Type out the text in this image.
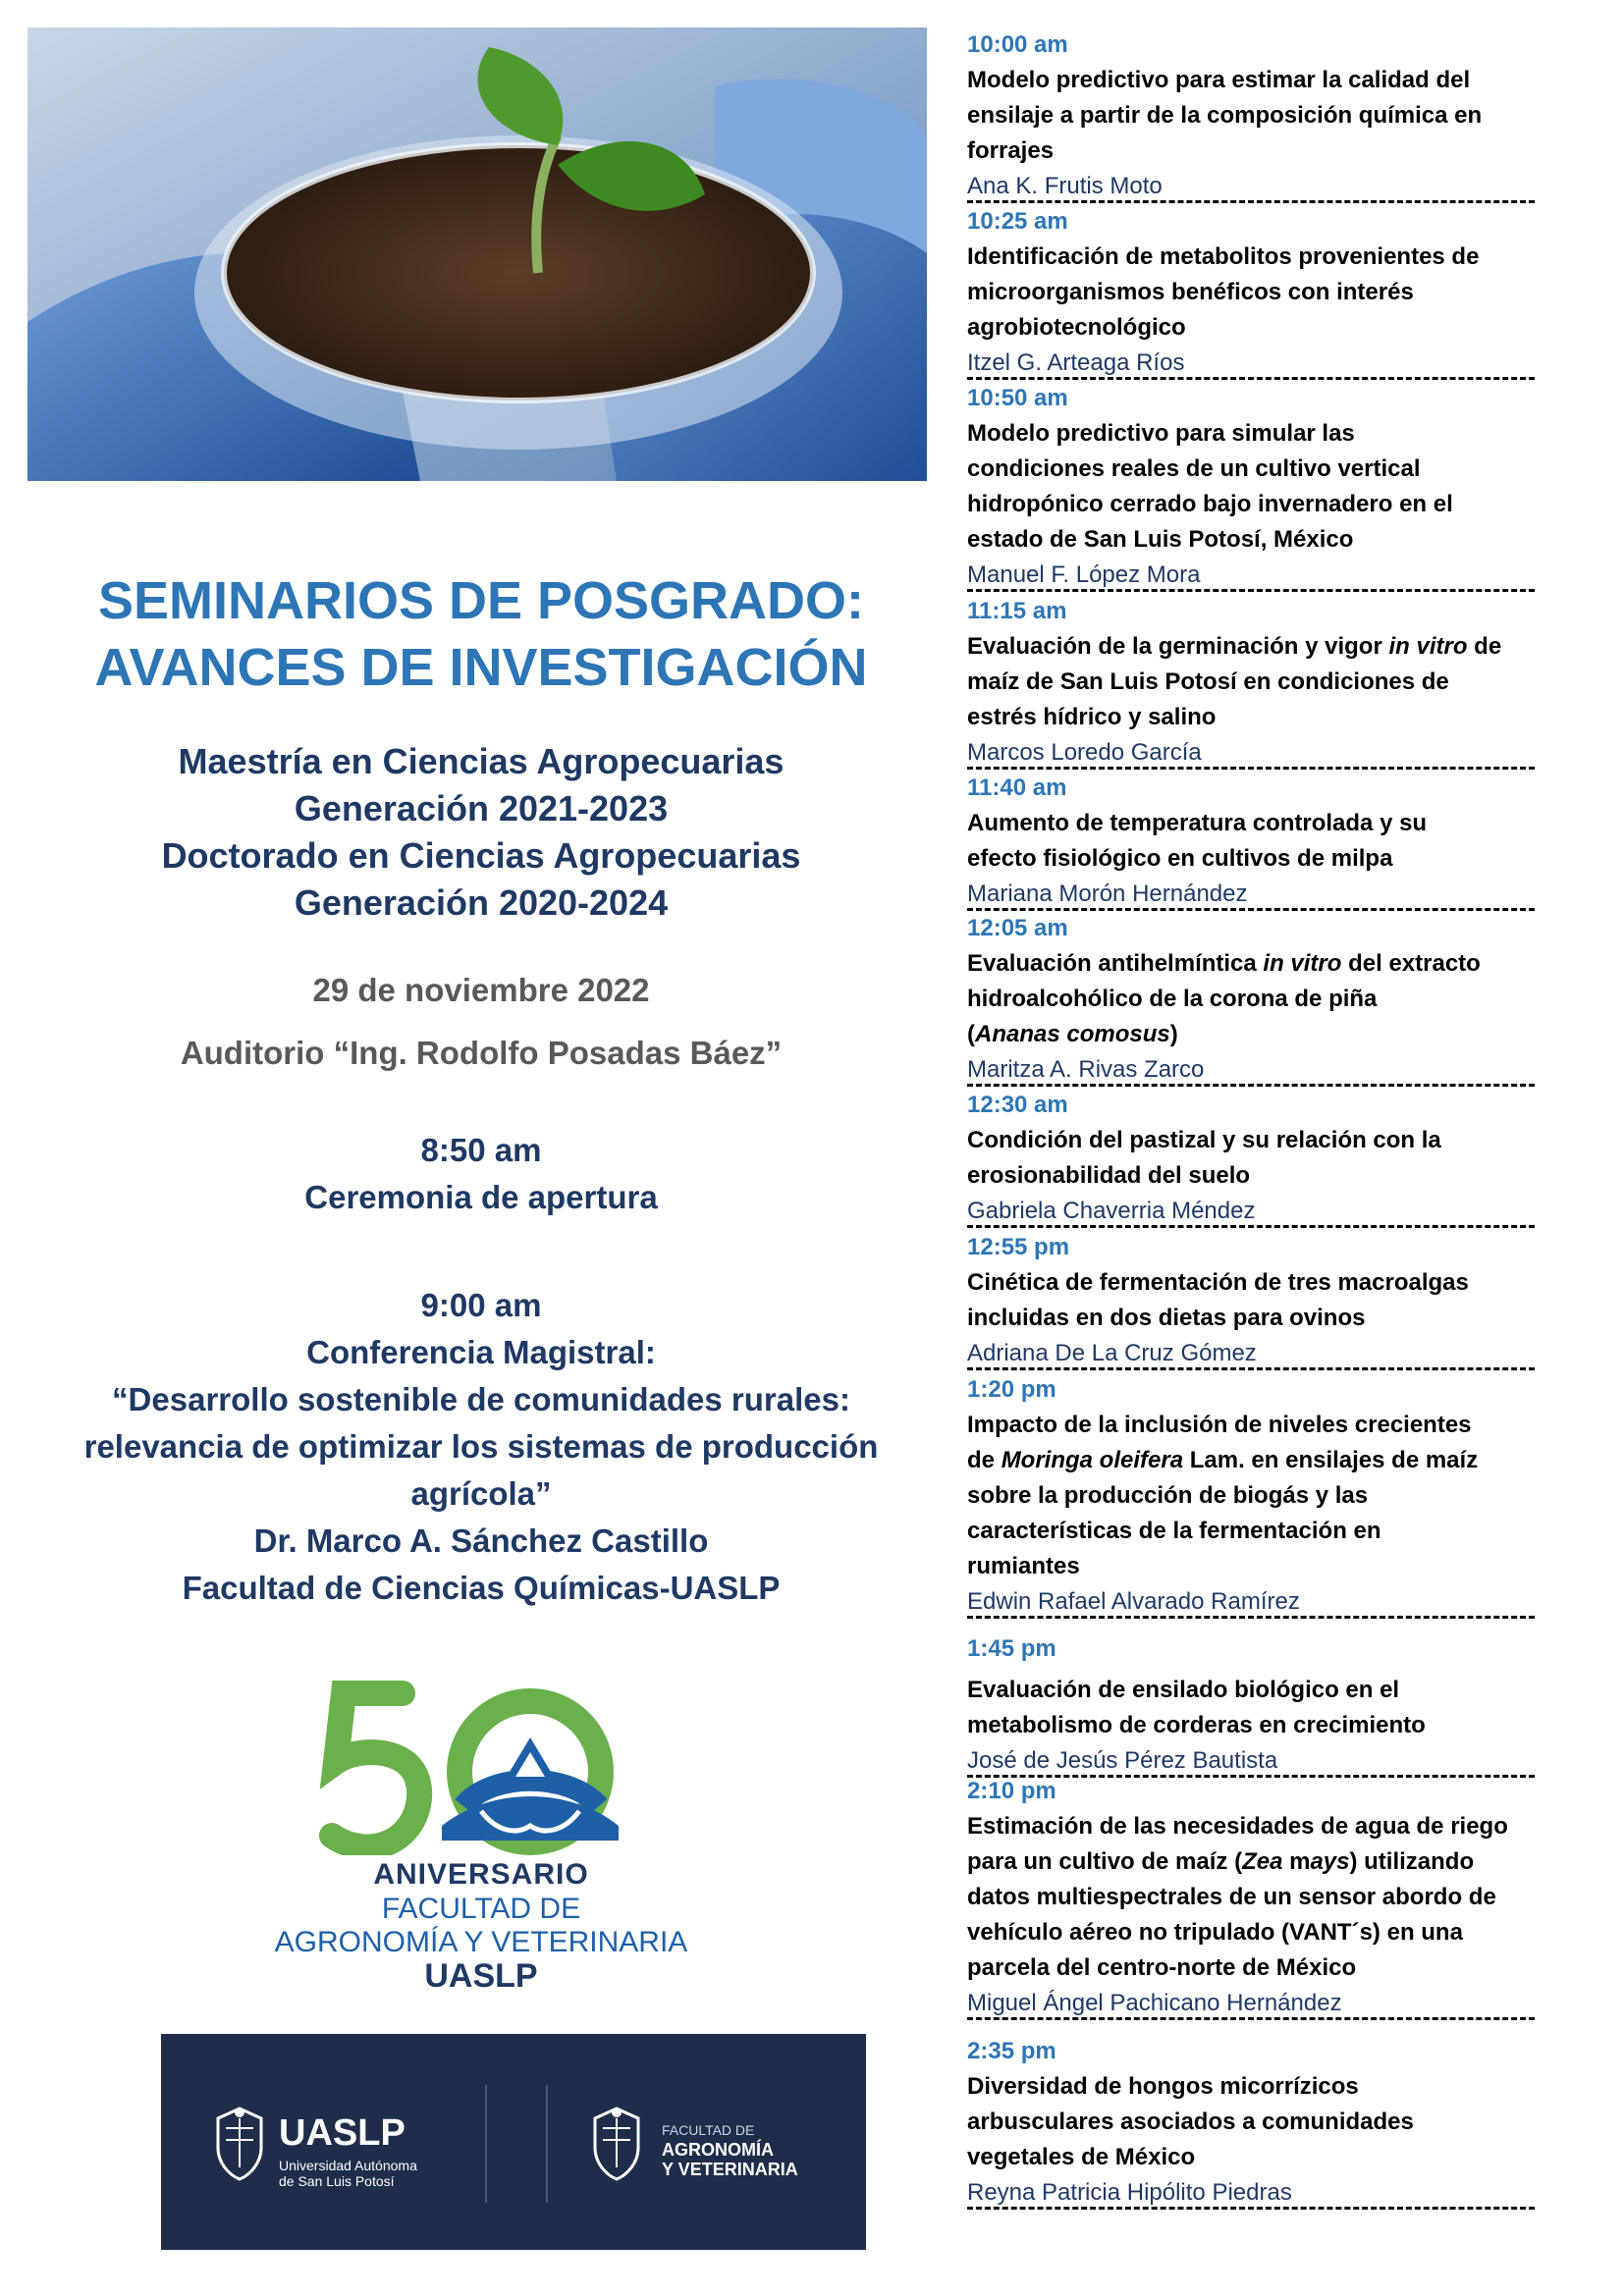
SEMINARIOS DE POSGRADO:
AVANCES DE INVESTIGACIÓN
Maestría en Ciencias Agropecuarias
Generación 2021-2023
Doctorado en Ciencias Agropecuarias
Generación 2020-2024
29 de noviembre 2022
Auditorio “Ing. Rodolfo Posadas Báez”
8:50 am
Ceremonia de apertura
9:00 am
Conferencia Magistral:
“Desarrollo sostenible de comunidades rurales:
relevancia de optimizar los sistemas de producción
agrícola”
Dr. Marco A. Sánchez Castillo
Facultad de Ciencias Químicas-UASLP
ANIVERSARIO
FACULTAD DE
AGRONOMÍA Y VETERINARIA
UASLP
UASLP
Universidad Autónoma
de San Luis Potosí
FACULTAD DE
AGRONOMÍA
Y VETERINARIA
10:00 am
Modelo predictivo para estimar la calidad del
ensilaje a partir de la composición química en
forrajes
Ana K. Frutis Moto
10:25 am
Identificación de metabolitos provenientes de
microorganismos benéficos con interés
agrobiotecnológico
Itzel G. Arteaga Ríos
10:50 am
Modelo predictivo para simular las
condiciones reales de un cultivo vertical
hidropónico cerrado bajo invernadero en el
estado de San Luis Potosí, México
Manuel F. López Mora
11:15 am
Evaluación de la germinación y vigor in vitro de
maíz de San Luis Potosí en condiciones de
estrés hídrico y salino
Marcos Loredo García
11:40 am
Aumento de temperatura controlada y su
efecto fisiológico en cultivos de milpa
Mariana Morón Hernández
12:05 am
Evaluación antihelmíntica in vitro del extracto
hidroalcohólico de la corona de piña
(Ananas comosus)
Maritza A. Rivas Zarco
12:30 am
Condición del pastizal y su relación con la
erosionabilidad del suelo
Gabriela Chaverria Méndez
12:55 pm
Cinética de fermentación de tres macroalgas
incluidas en dos dietas para ovinos
Adriana De La Cruz Gómez
1:20 pm
Impacto de la inclusión de niveles crecientes
de Moringa oleifera Lam. en ensilajes de maíz
sobre la producción de biogás y las
características de la fermentación en
rumiantes
Edwin Rafael Alvarado Ramírez
1:45 pm

Evaluación de ensilado biológico en el
metabolismo de corderas en crecimiento
José de Jesús Pérez Bautista
2:10 pm
Estimación de las necesidades de agua de riego
para un cultivo de maíz (Zea mays) utilizando
datos multiespectrales de un sensor abordo de
vehículo aéreo no tripulado (VANT´s) en una
parcela del centro-norte de México
Miguel Ángel Pachicano Hernández
2:35 pm
Diversidad de hongos micorrízicos
arbusculares asociados a comunidades
vegetales de México
Reyna Patricia Hipólito Piedras
